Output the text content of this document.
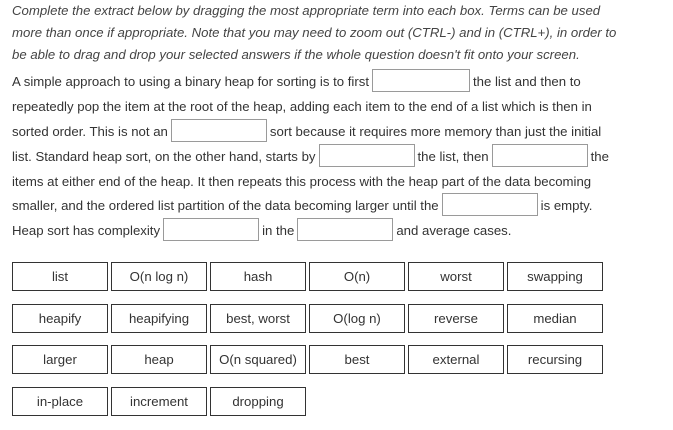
Complete the extract below by dragging the most appropriate term into each box. Terms can be used
more than once if appropriate. Note that you may need to zoom out (CTRL-) and in (CTRL+), in order to
be able to drag and drop your selected answers if the whole question doesn't fit onto your screen.
A simple approach to using a binary heap for sorting is to first	the list and then to
repeatedly pop the item at the root of the heap, adding each item to the end of a list which is then in
sorted order. This is not an	sort because it requires more memory than just the initial
list. Standard heap sort, on the other hand, starts by	the list, then	the
items at either end of the heap. It then repeats this process with the heap part of the data becoming
smaller, and the ordered list partition of the data becoming larger until the	is empty.
Heap sort has complexity	in the	and average cases.
list	O(n log n)	hash	O(n)	worst	swapping
heapify	heapifying	best, worst	O(log n)	reverse	median
larger	heap	O(n squared)	best	external	recursing
in-place	increment	dropping
